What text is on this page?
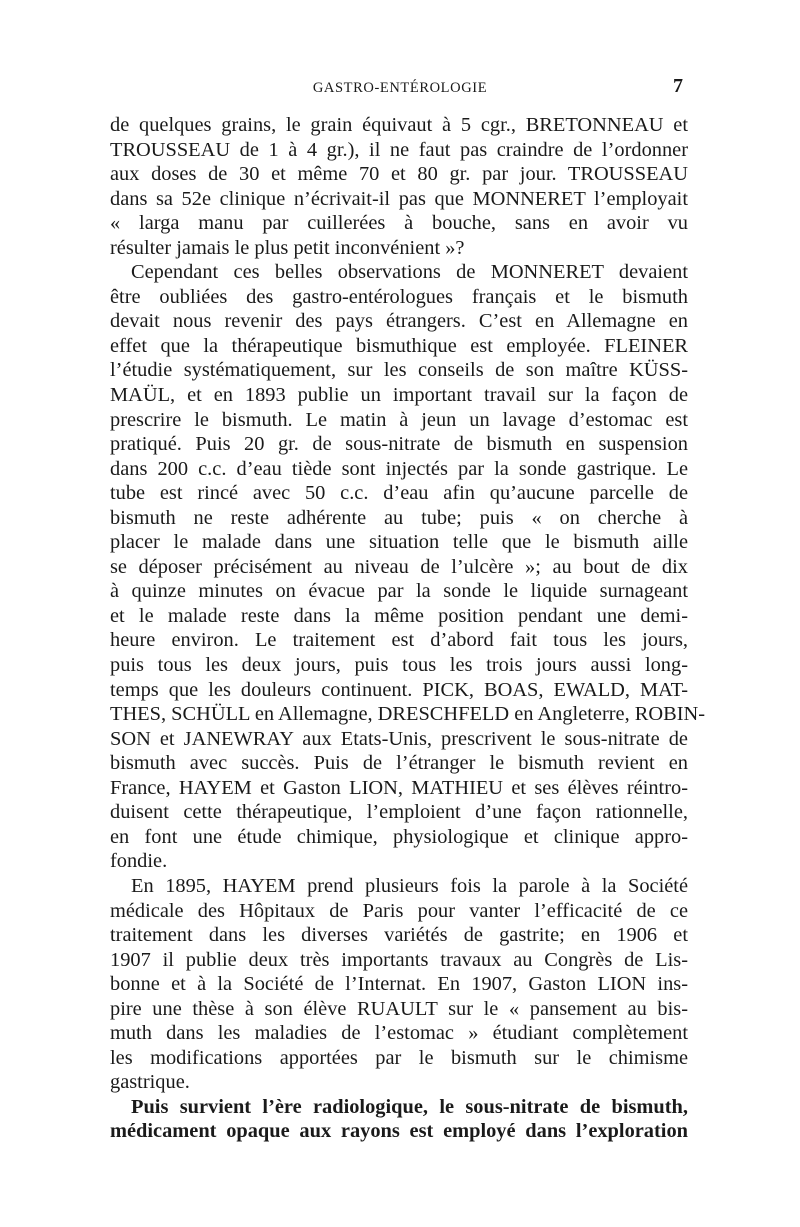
GASTRO-ENTÉROLOGIE	7
de quelques grains, le grain équivaut à 5 cgr., BRETONNEAU et
TROUSSEAU de 1 à 4 gr.), il ne faut pas craindre de l’ordonner
aux doses de 30 et même 70 et 80 gr. par jour. TROUSSEAU
dans sa 52e clinique n’écrivait-il pas que MONNERET l’employait
« larga manu par cuillerées à bouche, sans en avoir vu
résulter jamais le plus petit inconvénient »?
Cependant ces belles observations de MONNERET devaient
être oubliées des gastro-entérologues français et le bismuth
devait nous revenir des pays étrangers. C’est en Allemagne en
effet que la thérapeutique bismuthique est employée. FLEINER
l’étudie systématiquement, sur les conseils de son maître KÜSS-
MAÜL, et en 1893 publie un important travail sur la façon de
prescrire le bismuth. Le matin à jeun un lavage d’estomac est
pratiqué. Puis 20 gr. de sous-nitrate de bismuth en suspension
dans 200 c.c. d’eau tiède sont injectés par la sonde gastrique. Le
tube est rincé avec 50 c.c. d’eau afin qu’aucune parcelle de
bismuth ne reste adhérente au tube; puis « on cherche à
placer le malade dans une situation telle que le bismuth aille
se déposer précisément au niveau de l’ulcère »; au bout de dix
à quinze minutes on évacue par la sonde le liquide surnageant
et le malade reste dans la même position pendant une demi-
heure environ. Le traitement est d’abord fait tous les jours,
puis tous les deux jours, puis tous les trois jours aussi long-
temps que les douleurs continuent. PICK, BOAS, EWALD, MAT-
THES, SCHÜLL en Allemagne, DRESCHFELD en Angleterre, ROBIN-
SON et JANEWRAY aux Etats-Unis, prescrivent le sous-nitrate de
bismuth avec succès. Puis de l’étranger le bismuth revient en
France, HAYEM et Gaston LION, MATHIEU et ses élèves réintro-
duisent cette thérapeutique, l’emploient d’une façon rationnelle,
en font une étude chimique, physiologique et clinique appro-
fondie.
En 1895, HAYEM prend plusieurs fois la parole à la Société
médicale des Hôpitaux de Paris pour vanter l’efficacité de ce
traitement dans les diverses variétés de gastrite; en 1906 et
1907 il publie deux très importants travaux au Congrès de Lis-
bonne et à la Société de l’Internat. En 1907, Gaston LION ins-
pire une thèse à son élève RUAULT sur le « pansement au bis-
muth dans les maladies de l’estomac » étudiant complètement
les modifications apportées par le bismuth sur le chimisme
gastrique.
Puis survient l’ère radiologique, le sous-nitrate de bismuth,
médicament opaque aux rayons est employé dans l’exploration
